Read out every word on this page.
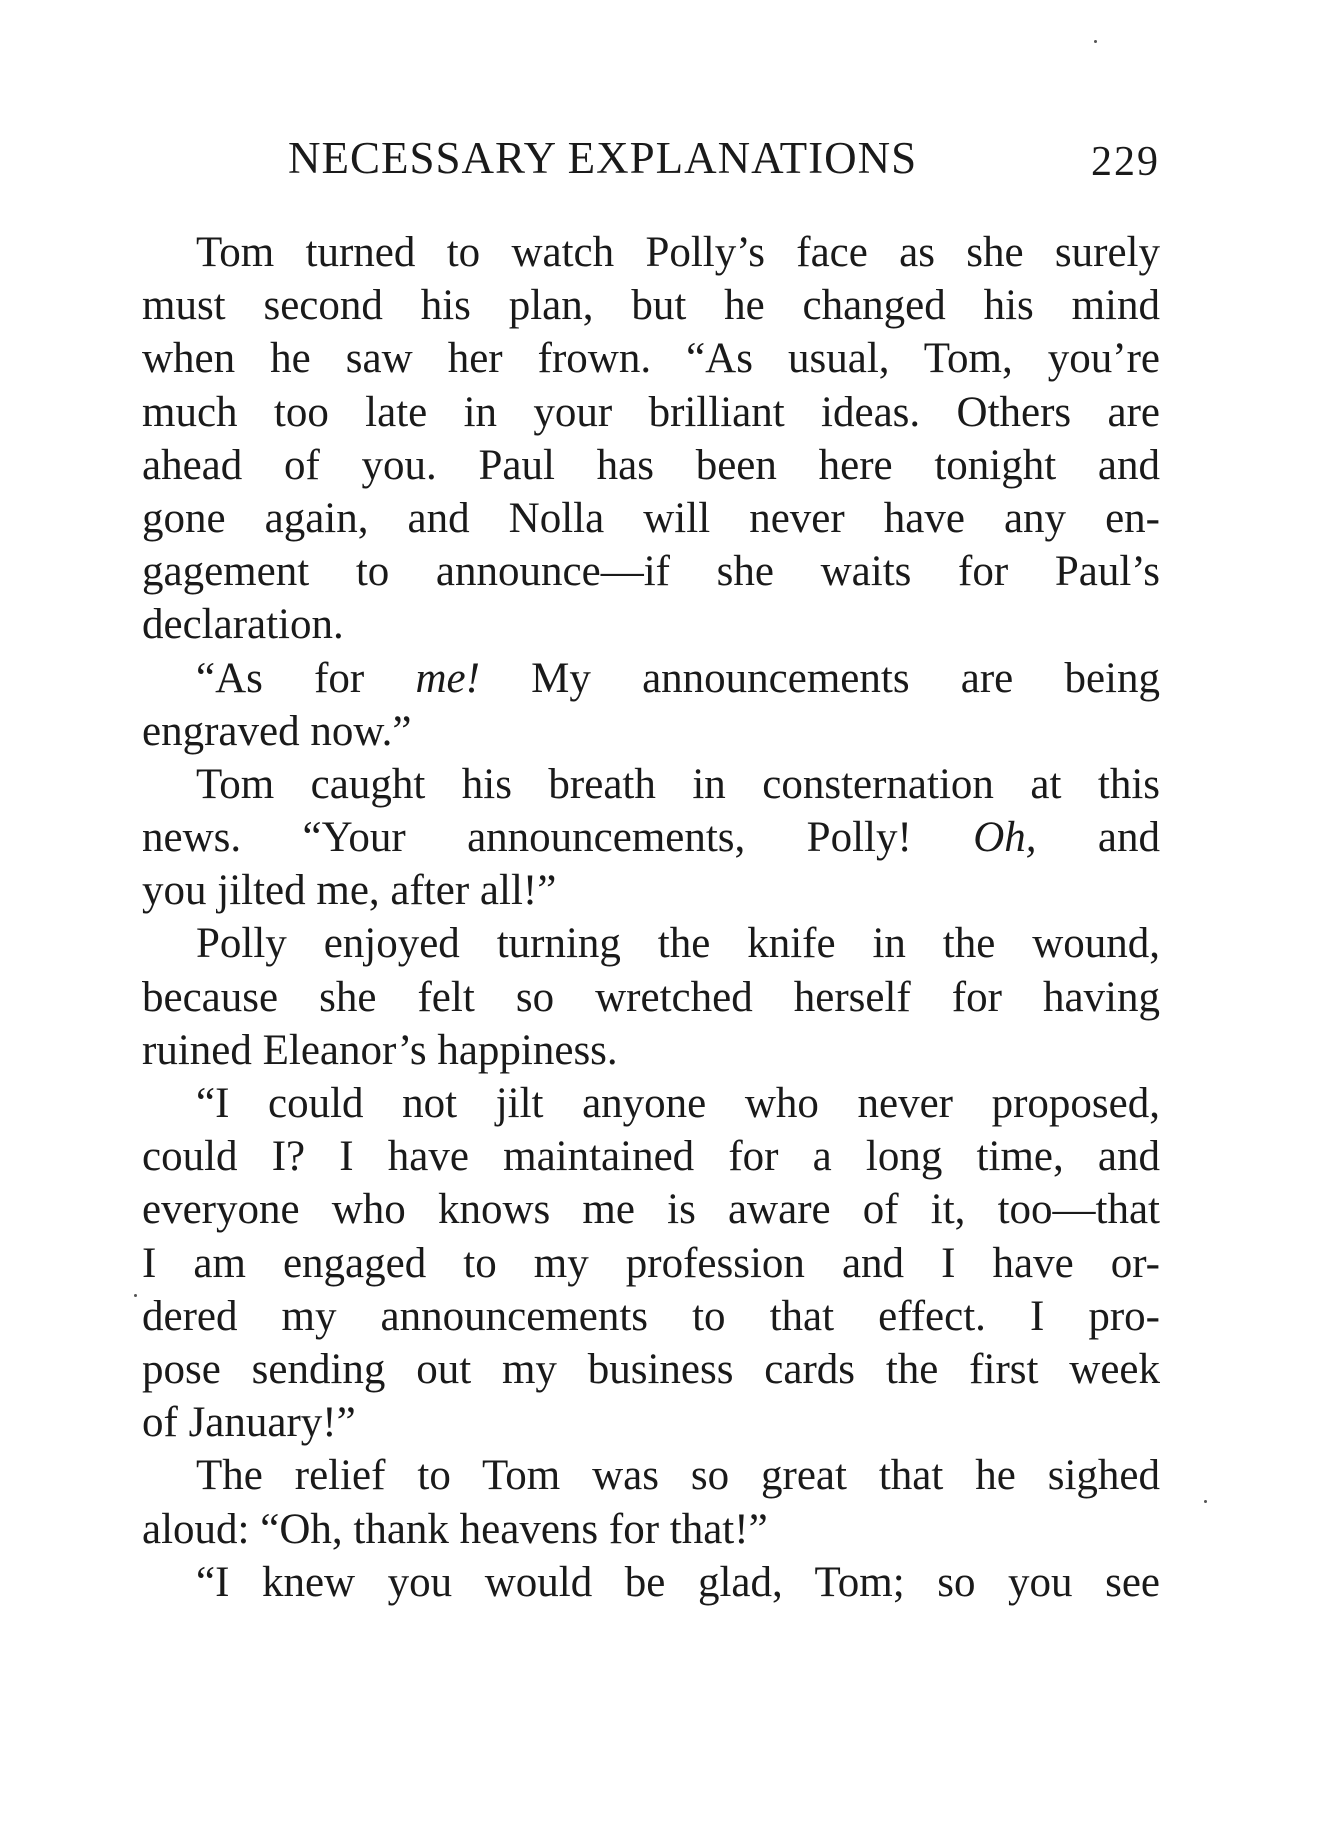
NECESSARY EXPLANATIONS	229
Tom turned to watch Polly’s face as she surely
must second his plan, but he changed his mind
when he saw her frown. “As usual, Tom, you’re
much too late in your brilliant ideas. Others are
ahead of you. Paul has been here tonight and
gone again, and Nolla will never have any en-
gagement to announce—if she waits for Paul’s
declaration.
“As for me! My announcements are being
engraved now.”
Tom caught his breath in consternation at this
news. “Your announcements, Polly! Oh, and
you jilted me, after all!”
Polly enjoyed turning the knife in the wound,
because she felt so wretched herself for having
ruined Eleanor’s happiness.
“I could not jilt anyone who never proposed,
could I? I have maintained for a long time, and
everyone who knows me is aware of it, too—that
I am engaged to my profession and I have or-
dered my announcements to that effect. I pro-
pose sending out my business cards the first week
of January!”
The relief to Tom was so great that he sighed
aloud: “Oh, thank heavens for that!”
“I knew you would be glad, Tom; so you see
